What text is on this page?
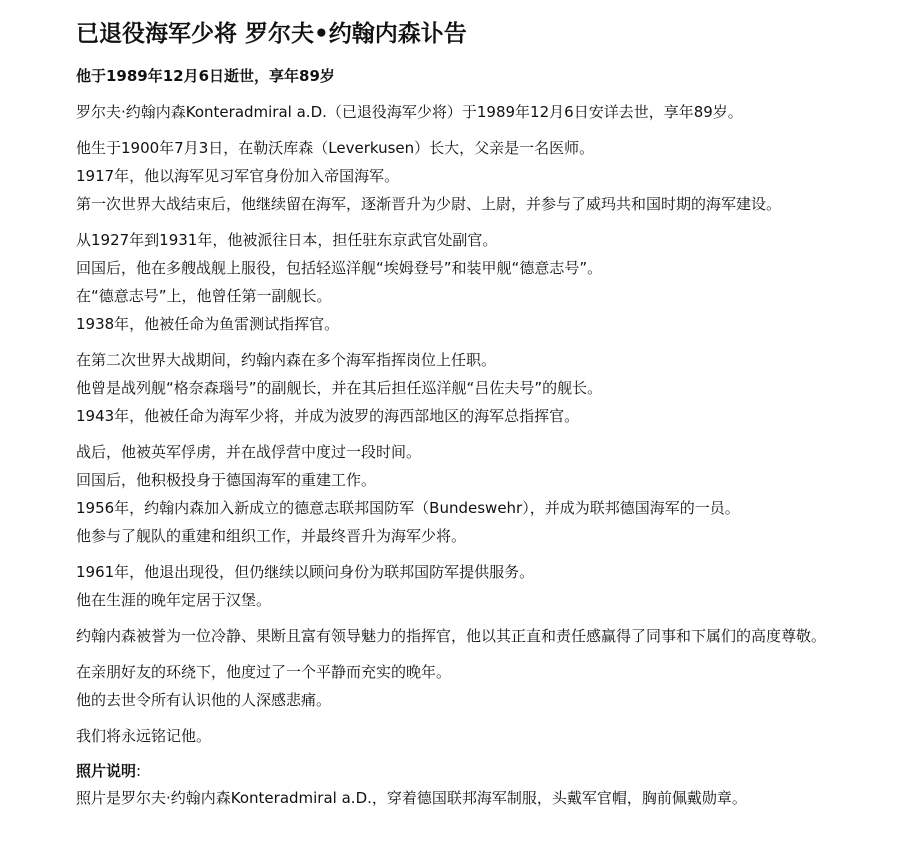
已退役海军少将 罗尔夫•约翰内森讣告
他于1989年12月6日逝世，享年89岁
罗尔夫·约翰内森Konteradmiral a.D.（已退役海军少将）于1989年12月6日安详去世，享年89岁。
他生于1900年7月3日，在勒沃库森（Leverkusen）长大，父亲是一名医师。
1917年，他以海军见习军官身份加入帝国海军。
第一次世界大战结束后，他继续留在海军，逐渐晋升为少尉、上尉，并参与了威玛共和国时期的海军建设。
从1927年到1931年，他被派往日本，担任驻东京武官处副官。
回国后，他在多艘战舰上服役，包括轻巡洋舰“埃姆登号”和装甲舰“德意志号”。
在“德意志号”上，他曾任第一副舰长。
1938年，他被任命为鱼雷测试指挥官。
在第二次世界大战期间，约翰内森在多个海军指挥岗位上任职。
他曾是战列舰“格奈森瑙号”的副舰长，并在其后担任巡洋舰“吕佐夫号”的舰长。
1943年，他被任命为海军少将，并成为波罗的海西部地区的海军总指挥官。
战后，他被英军俘虏，并在战俘营中度过一段时间。
回国后，他积极投身于德国海军的重建工作。
1956年，约翰内森加入新成立的德意志联邦国防军（Bundeswehr），并成为联邦德国海军的一员。
他参与了舰队的重建和组织工作，并最终晋升为海军少将。
1961年，他退出现役，但仍继续以顾问身份为联邦国防军提供服务。
他在生涯的晚年定居于汉堡。
约翰内森被誉为一位冷静、果断且富有领导魅力的指挥官，他以其正直和责任感赢得了同事和下属们的高度尊敬。
在亲朋好友的环绕下，他度过了一个平静而充实的晚年。
他的去世令所有认识他的人深感悲痛。
我们将永远铭记他。
照片说明:
照片是罗尔夫·约翰内森Konteradmiral a.D.，穿着德国联邦海军制服，头戴军官帽，胸前佩戴勋章。
